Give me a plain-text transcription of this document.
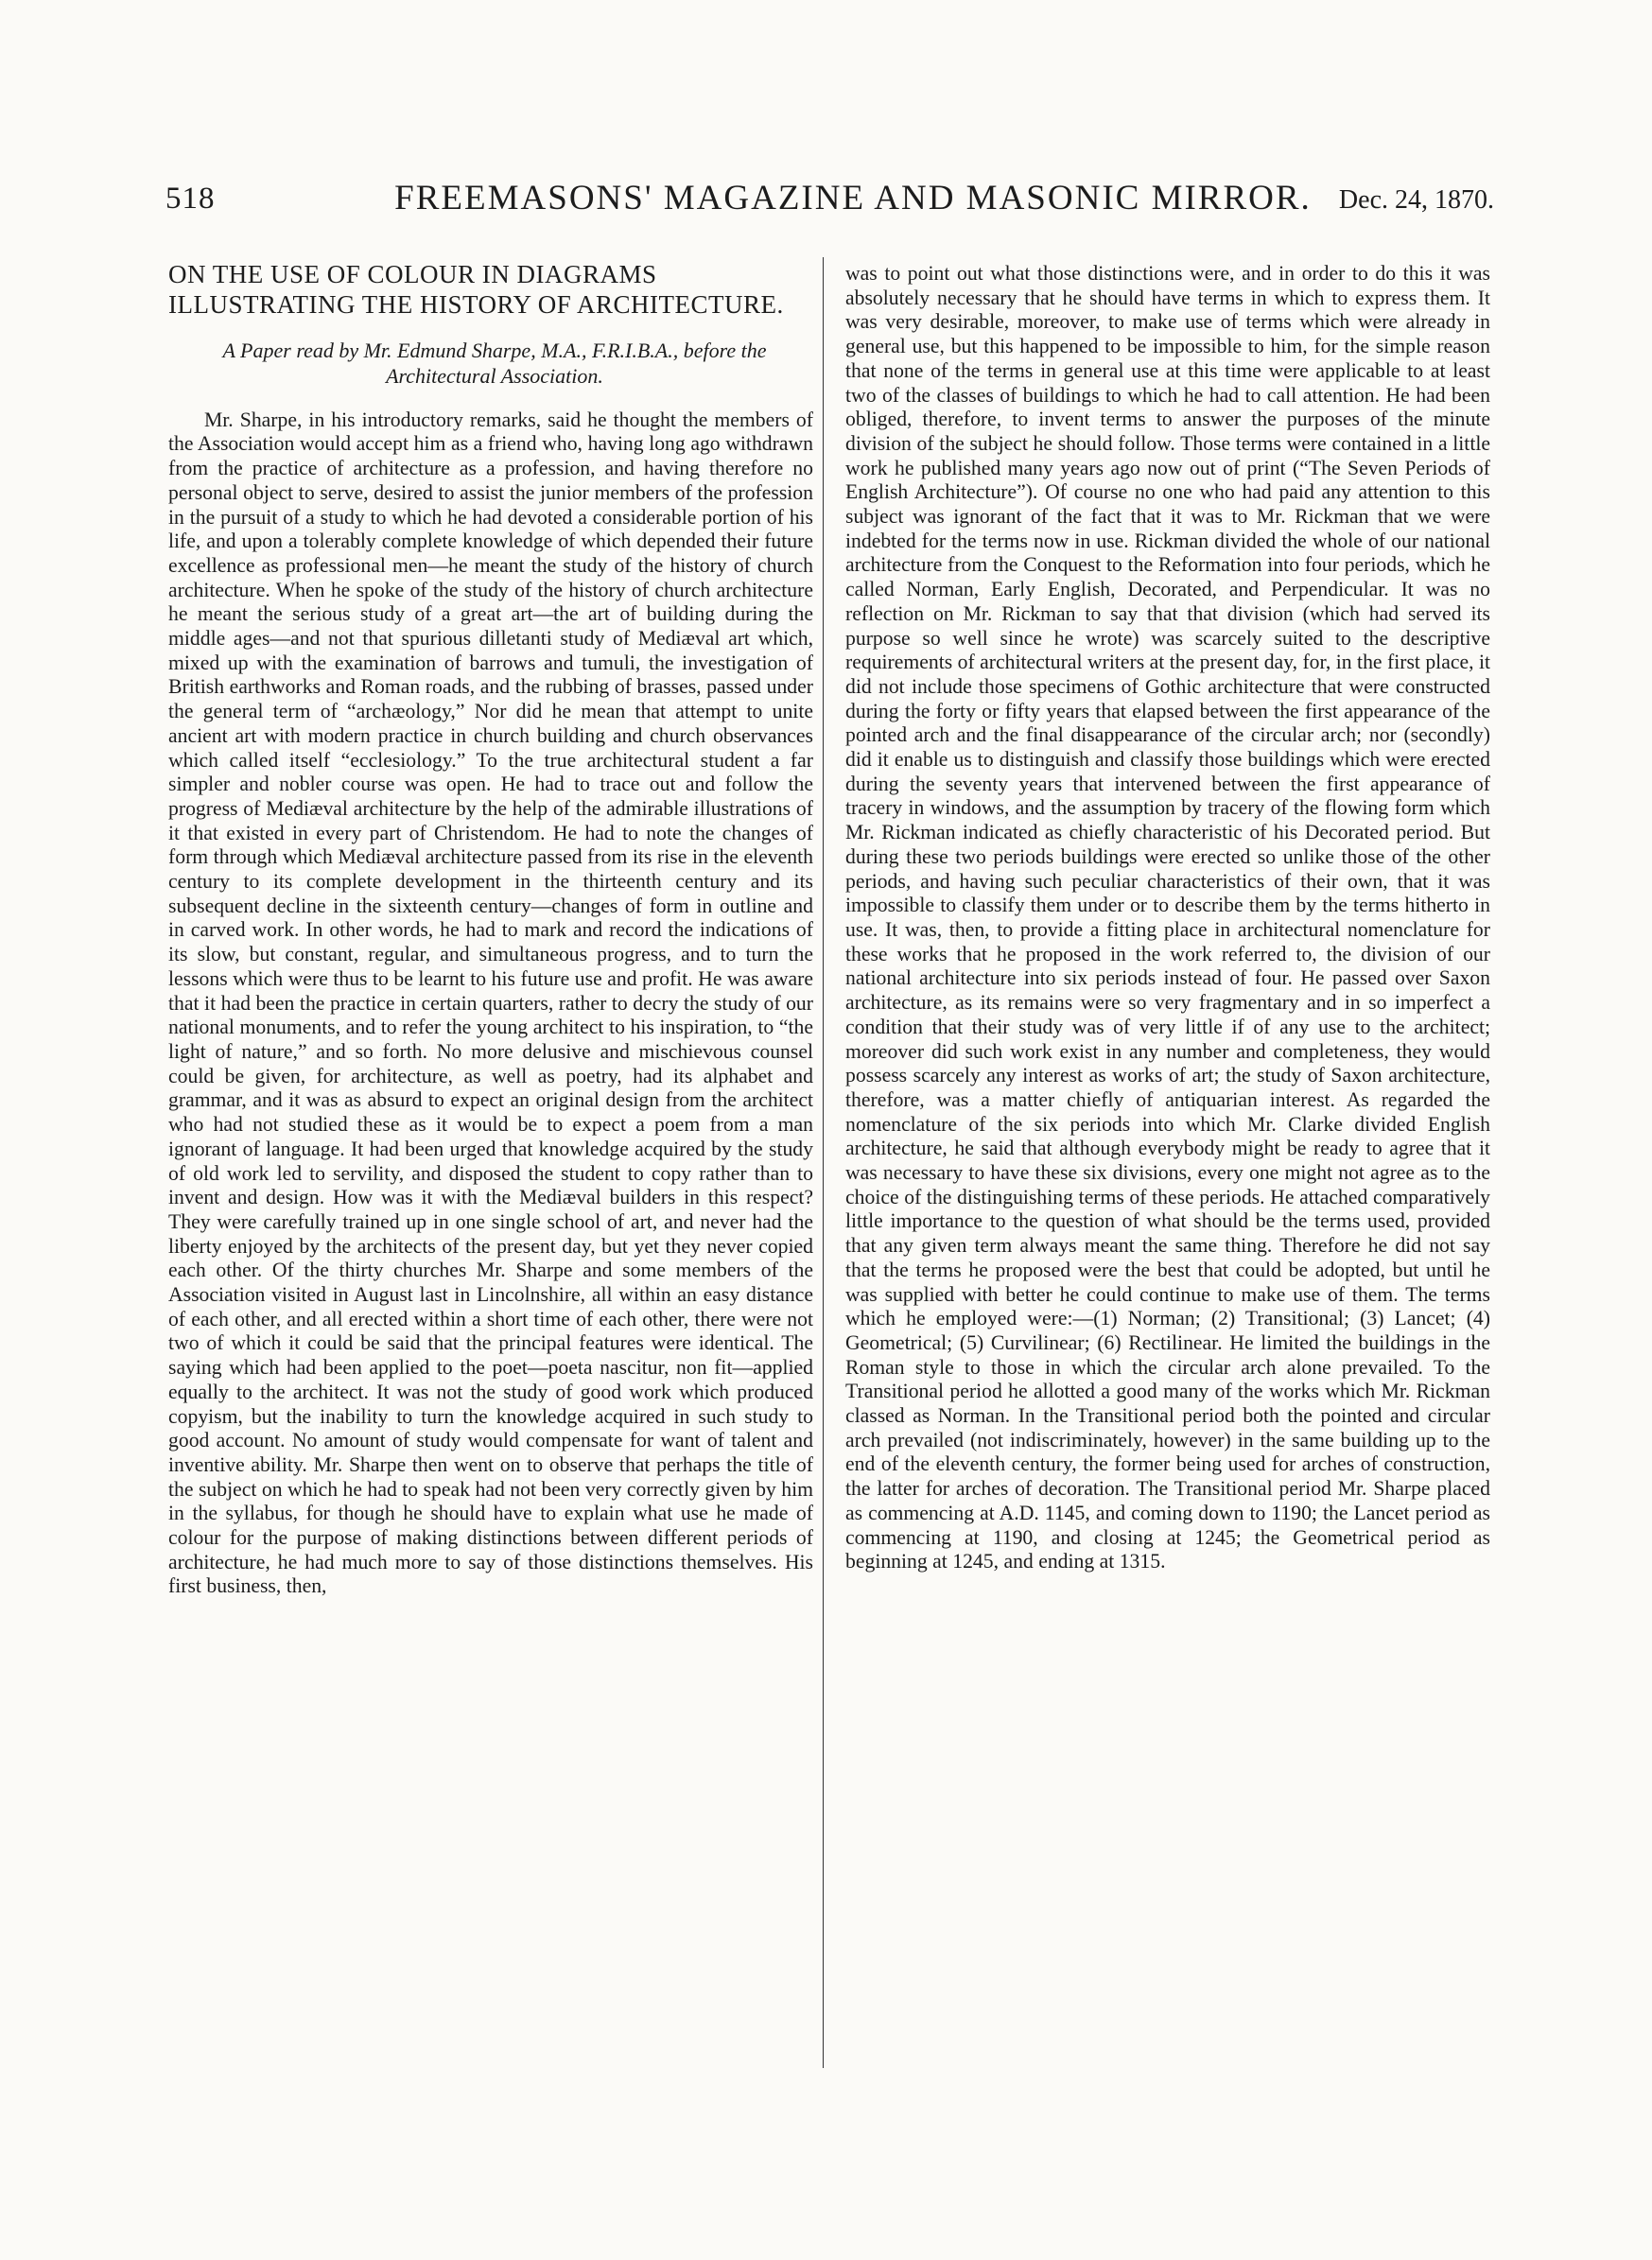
518	FREEMASONS' MAGAZINE AND MASONIC MIRROR.	Dec. 24, 1870.
ON THE USE OF COLOUR IN DIAGRAMS ILLUSTRATING THE HISTORY OF ARCHITECTURE.
A Paper read by Mr. Edmund Sharpe, M.A., F.R.I.B.A., before the Architectural Association.

Mr. Sharpe, in his introductory remarks, said he thought the members of the Association would accept him as a friend who, having long ago withdrawn from the practice of architecture as a profession, and having therefore no personal object to serve, desired to assist the junior members of the profession in the pursuit of a study to which he had devoted a considerable portion of his life, and upon a tolerably complete knowledge of which depended their future excellence as professional men—he meant the study of the history of church architecture. When he spoke of the study of the history of church architecture he meant the serious study of a great art—the art of building during the middle ages—and not that spurious dilletanti study of Mediæval art which, mixed up with the examination of barrows and tumuli, the investigation of British earthworks and Roman roads, and the rubbing of brasses, passed under the general term of “archæology,” Nor did he mean that attempt to unite ancient art with modern practice in church building and church observances which called itself “ecclesiology.” To the true architectural student a far simpler and nobler course was open. He had to trace out and follow the progress of Mediæval architecture by the help of the admirable illustrations of it that existed in every part of Christendom. He had to note the changes of form through which Mediæval architecture passed from its rise in the eleventh century to its complete development in the thirteenth century and its subsequent decline in the sixteenth century—changes of form in outline and in carved work. In other words, he had to mark and record the indications of its slow, but constant, regular, and simultaneous progress, and to turn the lessons which were thus to be learnt to his future use and profit. He was aware that it had been the practice in certain quarters, rather to decry the study of our national monuments, and to refer the young architect to his inspiration, to “the light of nature,” and so forth. No more delusive and mischievous counsel could be given, for architecture, as well as poetry, had its alphabet and grammar, and it was as absurd to expect an original design from the architect who had not studied these as it would be to expect a poem from a man ignorant of language. It had been urged that knowledge acquired by the study of old work led to servility, and disposed the student to copy rather than to invent and design. How was it with the Mediæval builders in this respect? They were carefully trained up in one single school of art, and never had the liberty enjoyed by the architects of the present day, but yet they never copied each other. Of the thirty churches Mr. Sharpe and some members of the Association visited in August last in Lincolnshire, all within an easy distance of each other, and all erected within a short time of each other, there were not two of which it could be said that the principal features were identical. The saying which had been applied to the poet—poeta nascitur, non fit—applied equally to the architect. It was not the study of good work which produced copyism, but the inability to turn the knowledge acquired in such study to good account. No amount of study would compensate for want of talent and inventive ability. Mr. Sharpe then went on to observe that perhaps the title of the subject on which he had to speak had not been very correctly given by him in the syllabus, for though he should have to explain what use he made of colour for the purpose of making distinctions between different periods of architecture, he had much more to say of those distinctions themselves. His first business, then,

was to point out what those distinctions were, and in order to do this it was absolutely necessary that he should have terms in which to express them. It was very desirable, moreover, to make use of terms which were already in general use, but this happened to be impossible to him, for the simple reason that none of the terms in general use at this time were applicable to at least two of the classes of buildings to which he had to call attention. He had been obliged, therefore, to invent terms to answer the purposes of the minute division of the subject he should follow. Those terms were contained in a little work he published many years ago now out of print (“The Seven Periods of English Architecture”). Of course no one who had paid any attention to this subject was ignorant of the fact that it was to Mr. Rickman that we were indebted for the terms now in use. Rickman divided the whole of our national architecture from the Conquest to the Reformation into four periods, which he called Norman, Early English, Decorated, and Perpendicular. It was no reflection on Mr. Rickman to say that that division (which had served its purpose so well since he wrote) was scarcely suited to the descriptive requirements of architectural writers at the present day, for, in the first place, it did not include those specimens of Gothic architecture that were constructed during the forty or fifty years that elapsed between the first appearance of the pointed arch and the final disappearance of the circular arch; nor (secondly) did it enable us to distinguish and classify those buildings which were erected during the seventy years that intervened between the first appearance of tracery in windows, and the assumption by tracery of the flowing form which Mr. Rickman indicated as chiefly characteristic of his Decorated period. But during these two periods buildings were erected so unlike those of the other periods, and having such peculiar characteristics of their own, that it was impossible to classify them under or to describe them by the terms hitherto in use. It was, then, to provide a fitting place in architectural nomenclature for these works that he proposed in the work referred to, the division of our national architecture into six periods instead of four. He passed over Saxon architecture, as its remains were so very fragmentary and in so imperfect a condition that their study was of very little if of any use to the architect; moreover did such work exist in any number and completeness, they would possess scarcely any interest as works of art; the study of Saxon architecture, therefore, was a matter chiefly of antiquarian interest. As regarded the nomenclature of the six periods into which Mr. Clarke divided English architecture, he said that although everybody might be ready to agree that it was necessary to have these six divisions, every one might not agree as to the choice of the distinguishing terms of these periods. He attached comparatively little importance to the question of what should be the terms used, provided that any given term always meant the same thing. Therefore he did not say that the terms he proposed were the best that could be adopted, but until he was supplied with better he could continue to make use of them. The terms which he employed were:—(1) Norman; (2) Transitional; (3) Lancet; (4) Geometrical; (5) Curvilinear; (6) Rectilinear. He limited the buildings in the Roman style to those in which the circular arch alone prevailed. To the Transitional period he allotted a good many of the works which Mr. Rickman classed as Norman. In the Transitional period both the pointed and circular arch prevailed (not indiscriminately, however) in the same building up to the end of the eleventh century, the former being used for arches of construction, the latter for arches of decoration. The Transitional period Mr. Sharpe placed as commencing at A.D. 1145, and coming down to 1190; the Lancet period as commencing at 1190, and closing at 1245; the Geometrical period as beginning at 1245, and ending at 1315.
